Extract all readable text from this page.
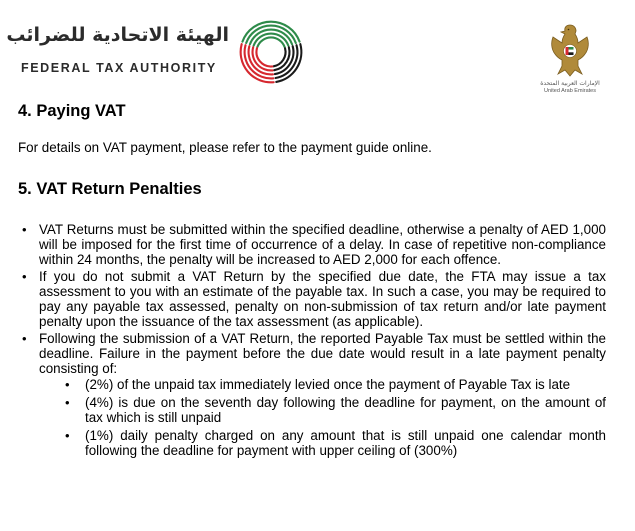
الهيئة الاتحادية للضرائب
FEDERAL TAX AUTHORITY
الإمارات العربية المتحدة
United Arab Emirates
4. Paying VAT
For details on VAT payment, please refer to the payment guide online.
5. VAT Return Penalties
• VAT Returns must be submitted within the specified deadline, otherwise a penalty of AED 1,000 will be imposed for the first time of occurrence of a delay. In case of repetitive non-compliance within 24 months, the penalty will be increased to AED 2,000 for each offence.
• If you do not submit a VAT Return by the specified due date, the FTA may issue a tax assessment to you with an estimate of the payable tax. In such a case, you may be required to pay any payable tax assessed, penalty on non-submission of tax return and/or late payment penalty upon the issuance of the tax assessment (as applicable).
• Following the submission of a VAT Return, the reported Payable Tax must be settled within the deadline. Failure in the payment before the due date would result in a late payment penalty consisting of:
• (2%) of the unpaid tax immediately levied once the payment of Payable Tax is late
• (4%) is due on the seventh day following the deadline for payment, on the amount of tax which is still unpaid
• (1%) daily penalty charged on any amount that is still unpaid one calendar month following the deadline for payment with upper ceiling of (300%)
